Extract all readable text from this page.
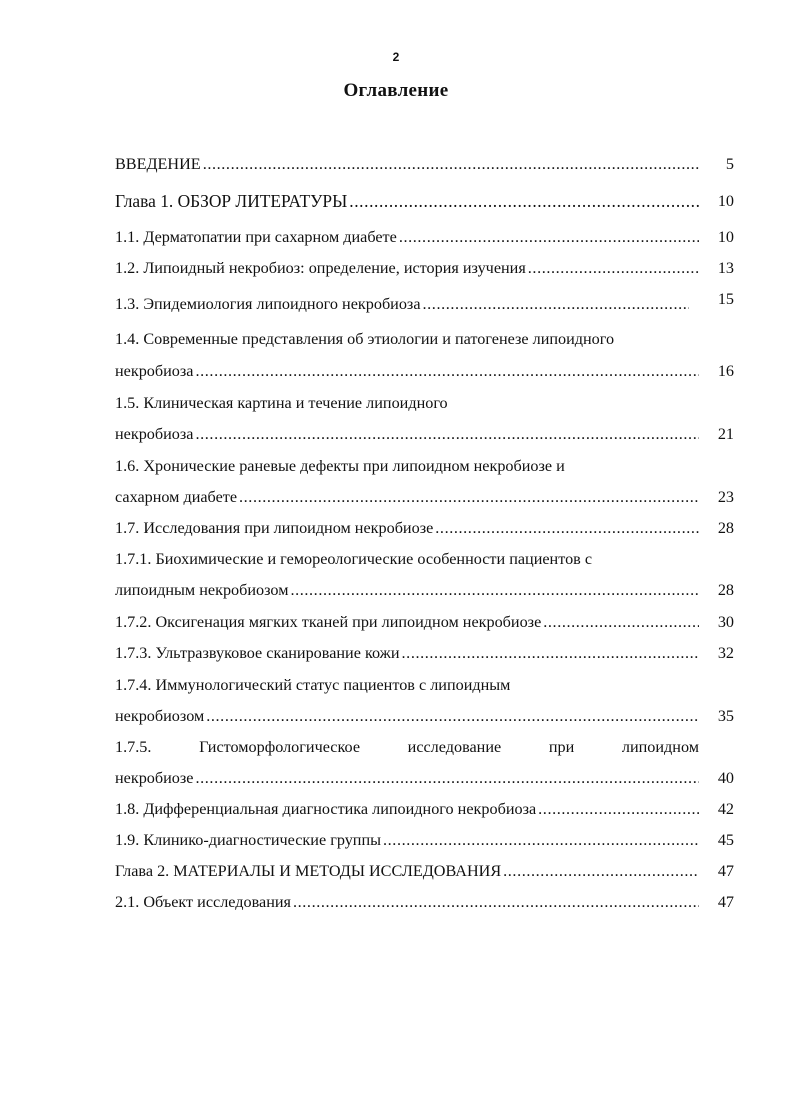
2
Оглавление
ВВЕДЕНИЕ .....	5
Глава 1. ОБЗОР ЛИТЕРАТУРЫ .....	10
1.1. Дерматопатии при сахарном диабете .....	10
1.2. Липоидный некробиоз: определение, история изучения .....	13
1.3. Эпидемиология липоидного некробиоза .....	15
1.4. Современные представления об этиологии и патогенезе липоидного
некробиоза .....	16
1.5. Клиническая картина и течение липоидного
некробиоза .....	21
1.6. Хронические раневые дефекты при липоидном некробиозе и
сахарном диабете .....	23
1.7. Исследования при липоидном некробиозе .....	28
1.7.1. Биохимические и гемореологические особенности пациентов с
липоидным некробиозом .....	28
1.7.2. Оксигенация мягких тканей при липоидном некробиозе .....	30
1.7.3. Ультразвуковое сканирование кожи .....	32
1.7.4. Иммунологический статус пациентов с липоидным
некробиозом .....	35
1.7.5. Гистоморфологическое исследование при липоидном
некробиозе .....	40
1.8. Дифференциальная диагностика липоидного некробиоза .....	42
1.9. Клинико-диагностические группы .....	45
Глава 2. МАТЕРИАЛЫ И МЕТОДЫ ИССЛЕДОВАНИЯ .....	47
2.1. Объект исследования .....	47
